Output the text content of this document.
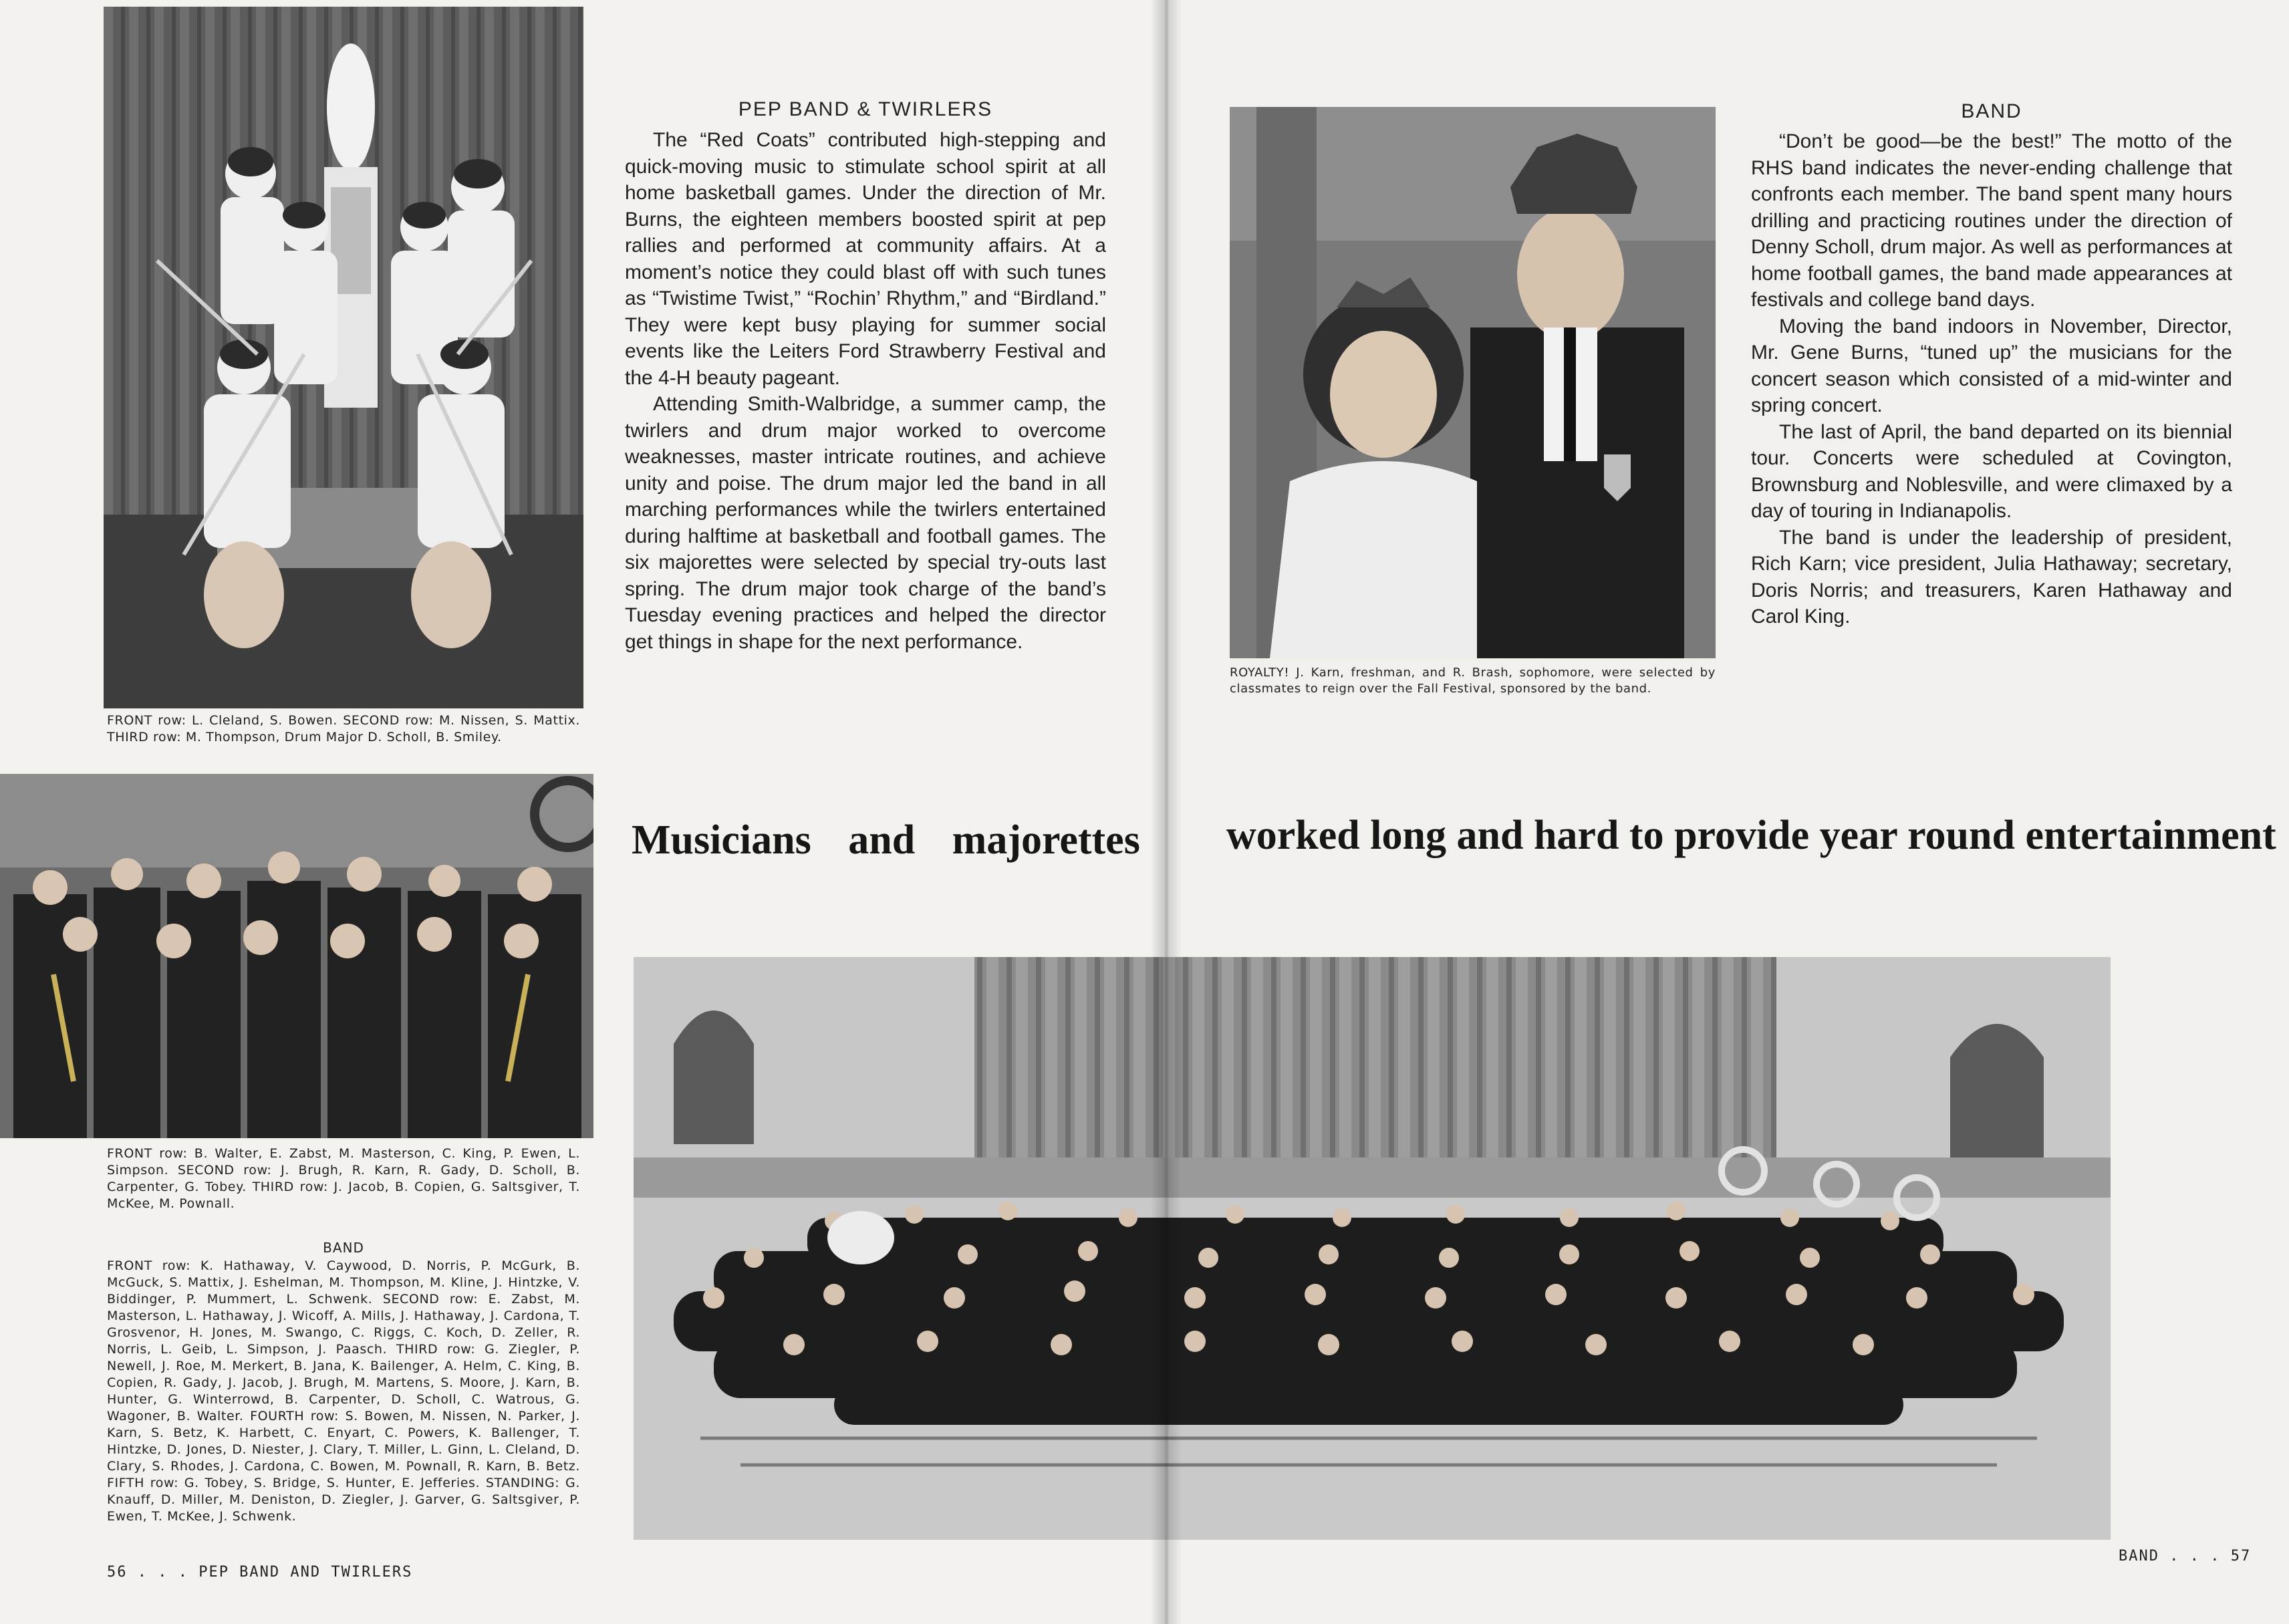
FRONT row: L. Cleland, S. Bowen. SECOND row: M. Nissen, S. Mattix. THIRD row: M. Thompson, Drum Major D. Scholl, B. Smiley.
PEP BAND & TWIRLERS

The “Red Coats” contributed high-stepping and quick-moving music to stimulate school spirit at all home basketball games. Under the direction of Mr. Burns, the eighteen members boosted spirit at pep rallies and performed at community affairs. At a moment’s notice they could blast off with such tunes as “Twistime Twist,” “Rochin’ Rhythm,” and “Birdland.” They were kept busy playing for summer social events like the Leiters Ford Strawberry Festival and the 4-H beauty pageant.

Attending Smith-Walbridge, a summer camp, the twirlers and drum major worked to overcome weaknesses, master intricate routines, and achieve unity and poise. The drum major led the band in all marching performances while the twirlers entertained during halftime at basketball and football games. The six majorettes were selected by special try-outs last spring. The drum major took charge of the band’s Tuesday evening practices and helped the director get things in shape for the next performance.

FRONT row: B. Walter, E. Zabst, M. Masterson, C. King, P. Ewen, L. Simpson. SECOND row: J. Brugh, R. Karn, R. Gady, D. Scholl, B. Carpenter, G. Tobey. THIRD row: J. Jacob, B. Copien, G. Saltsgiver, T. McKee, M. Pownall.
BAND
FRONT row: K. Hathaway, V. Caywood, D. Norris, P. McGurk, B. McGuck, S. Mattix, J. Eshelman, M. Thompson, M. Kline, J. Hintzke, V. Biddinger, P. Mummert, L. Schwenk. SECOND row: E. Zabst, M. Masterson, L. Hathaway, J. Wicoff, A. Mills, J. Hathaway, J. Cardona, T. Grosvenor, H. Jones, M. Swango, C. Riggs, C. Koch, D. Zeller, R. Norris, L. Geib, L. Simpson, J. Paasch. THIRD row: G. Ziegler, P. Newell, J. Roe, M. Merkert, B. Jana, K. Bailenger, A. Helm, C. King, B. Copien, R. Gady, J. Jacob, J. Brugh, M. Martens, S. Moore, J. Karn, B. Hunter, G. Winterrowd, B. Carpenter, D. Scholl, C. Watrous, G. Wagoner, B. Walter. FOURTH row: S. Bowen, M. Nissen, N. Parker, J. Karn, S. Betz, K. Harbett, C. Enyart, C. Powers, K. Ballenger, T. Hintzke, D. Jones, D. Niester, J. Clary, T. Miller, L. Ginn, L. Cleland, D. Clary, S. Rhodes, J. Cardona, C. Bowen, M. Pownall, R. Karn, B. Betz. FIFTH row: G. Tobey, S. Bridge, S. Hunter, E. Jefferies. STANDING: G. Knauff, D. Miller, M. Deniston, D. Ziegler, J. Garver, G. Saltsgiver, P. Ewen, T. McKee, J. Schwenk.
Musicians and majorettes
56 . . . PEP BAND AND TWIRLERS
ROYALTY! J. Karn, freshman, and R. Brash, sophomore, were selected by classmates to reign over the Fall Festival, sponsored by the band.
BAND

“Don’t be good—be the best!” The motto of the RHS band indicates the never-ending challenge that confronts each member. The band spent many hours drilling and practicing routines under the direction of Denny Scholl, drum major. As well as performances at home football games, the band made appearances at festivals and college band days.

Moving the band indoors in November, Director, Mr. Gene Burns, “tuned up” the musicians for the concert season which consisted of a mid-winter and spring concert.

The last of April, the band departed on its biennial tour. Concerts were scheduled at Covington, Brownsburg and Noblesville, and were climaxed by a day of touring in Indianapolis.

The band is under the leadership of president, Rich Karn; vice president, Julia Hathaway; secretary, Doris Norris; and treasurers, Karen Hathaway and Carol King.

worked long and hard to provide year round entertainment
BAND . . . 57
